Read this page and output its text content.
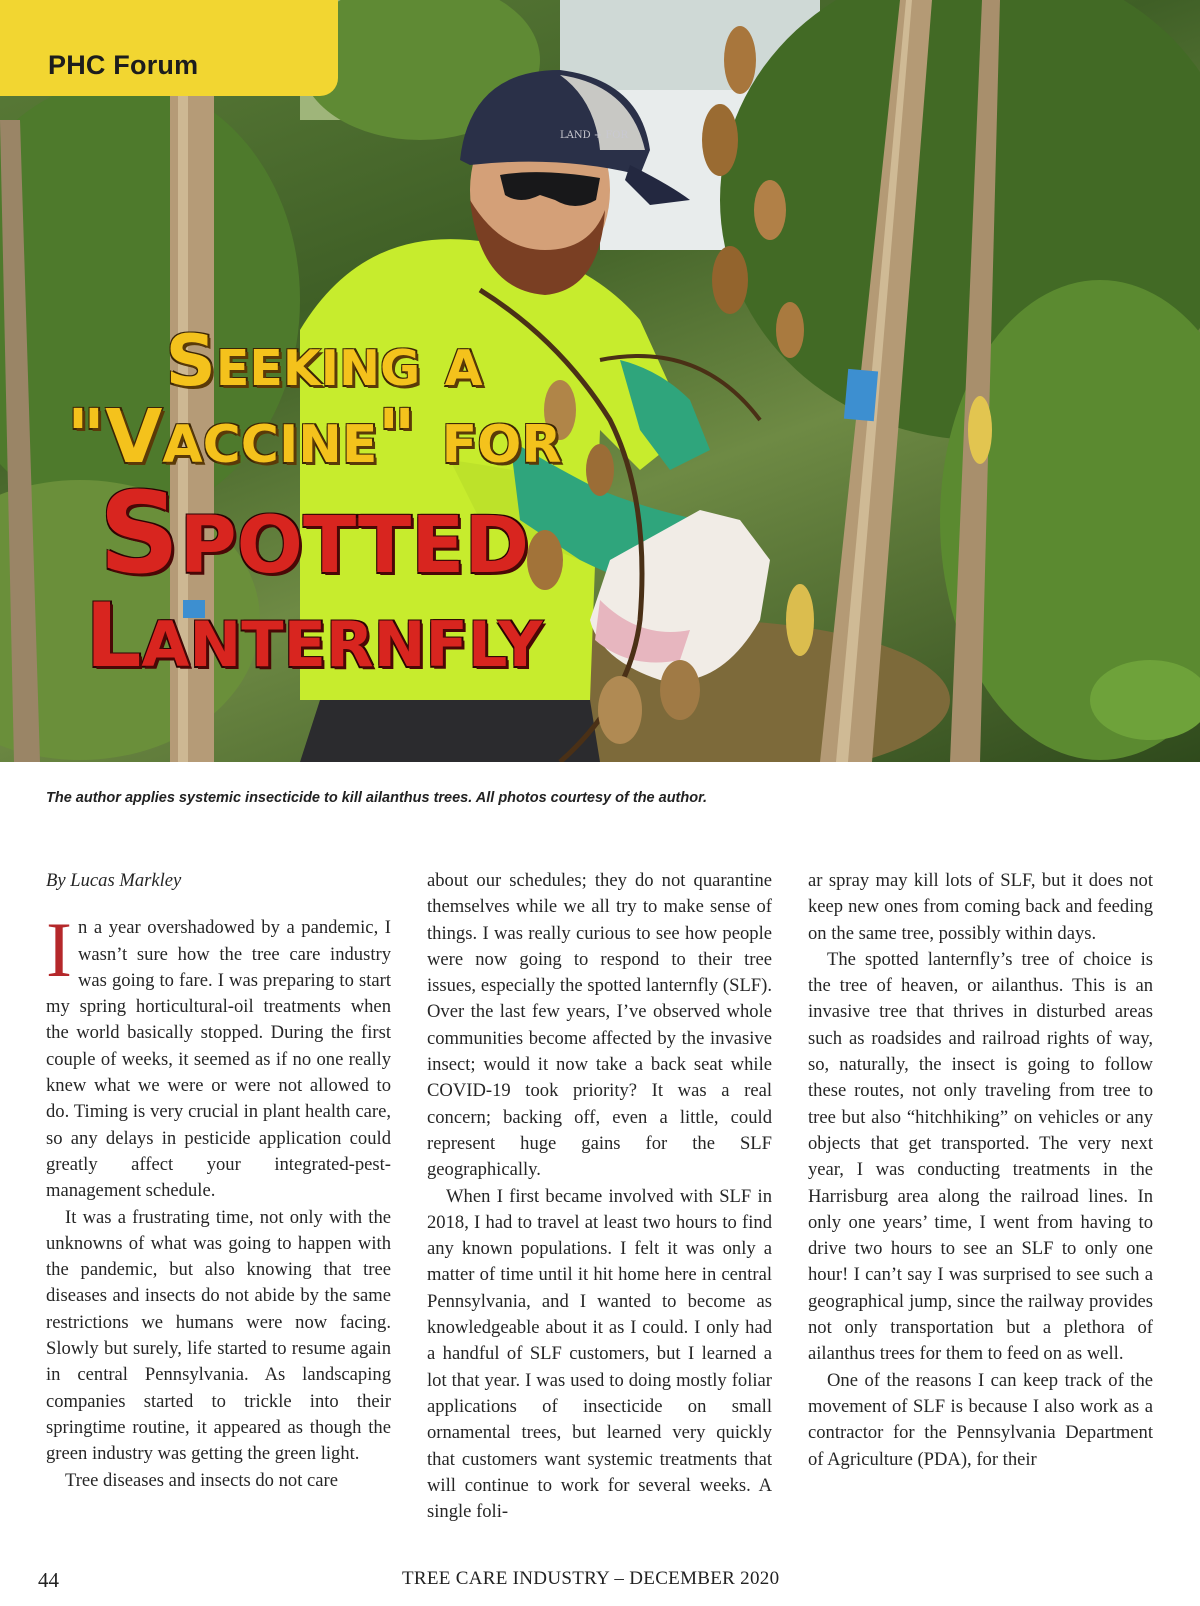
LAND + FOR
PHC Forum
Seeking a
"Vaccine" for
Spotted
Lanternfly
The author applies systemic insecticide to kill ailanthus trees. All photos courtesy of the author.
By Lucas Markley

In a year overshadowed by a pandemic, I wasn’t sure how the tree care industry was going to fare. I was preparing to start my spring horticultural-oil treatments when the world basically stopped. During the first couple of weeks, it seemed as if no one really knew what we were or were not allowed to do. Timing is very crucial in plant health care, so any delays in pesticide application could greatly affect your integrated-pest-management schedule.

It was a frustrating time, not only with the unknowns of what was going to happen with the pandemic, but also knowing that tree diseases and insects do not abide by the same restrictions we humans were now facing. Slowly but surely, life started to resume again in central Pennsylvania. As landscaping companies started to trickle into their springtime routine, it appeared as though the green industry was getting the green light.

Tree diseases and insects do not care

about our schedules; they do not quarantine themselves while we all try to make sense of things. I was really curious to see how people were now going to respond to their tree issues, especially the spotted lanternfly (SLF). Over the last few years, I’ve observed whole communities become affected by the invasive insect; would it now take a back seat while COVID-19 took priority? It was a real concern; backing off, even a little, could represent huge gains for the SLF geographically.

When I first became involved with SLF in 2018, I had to travel at least two hours to find any known populations. I felt it was only a matter of time until it hit home here in central Pennsylvania, and I wanted to become as knowledgeable about it as I could. I only had a handful of SLF customers, but I learned a lot that year. I was used to doing mostly foliar applications of insecticide on small ornamental trees, but learned very quickly that customers want systemic treatments that will continue to work for several weeks. A single foli-

ar spray may kill lots of SLF, but it does not keep new ones from coming back and feeding on the same tree, possibly within days.

The spotted lanternfly’s tree of choice is the tree of heaven, or ailanthus. This is an invasive tree that thrives in disturbed areas such as roadsides and railroad rights of way, so, naturally, the insect is going to follow these routes, not only traveling from tree to tree but also “hitchhiking” on vehicles or any objects that get transported. The very next year, I was conducting treatments in the Harrisburg area along the railroad lines. In only one years’ time, I went from having to drive two hours to see an SLF to only one hour! I can’t say I was surprised to see such a geographical jump, since the railway provides not only transportation but a plethora of ailanthus trees for them to feed on as well.

One of the reasons I can keep track of the movement of SLF is because I also work as a contractor for the Pennsylvania Department of Agriculture (PDA), for their

44	TREE CARE INDUSTRY – DECEMBER 2020
